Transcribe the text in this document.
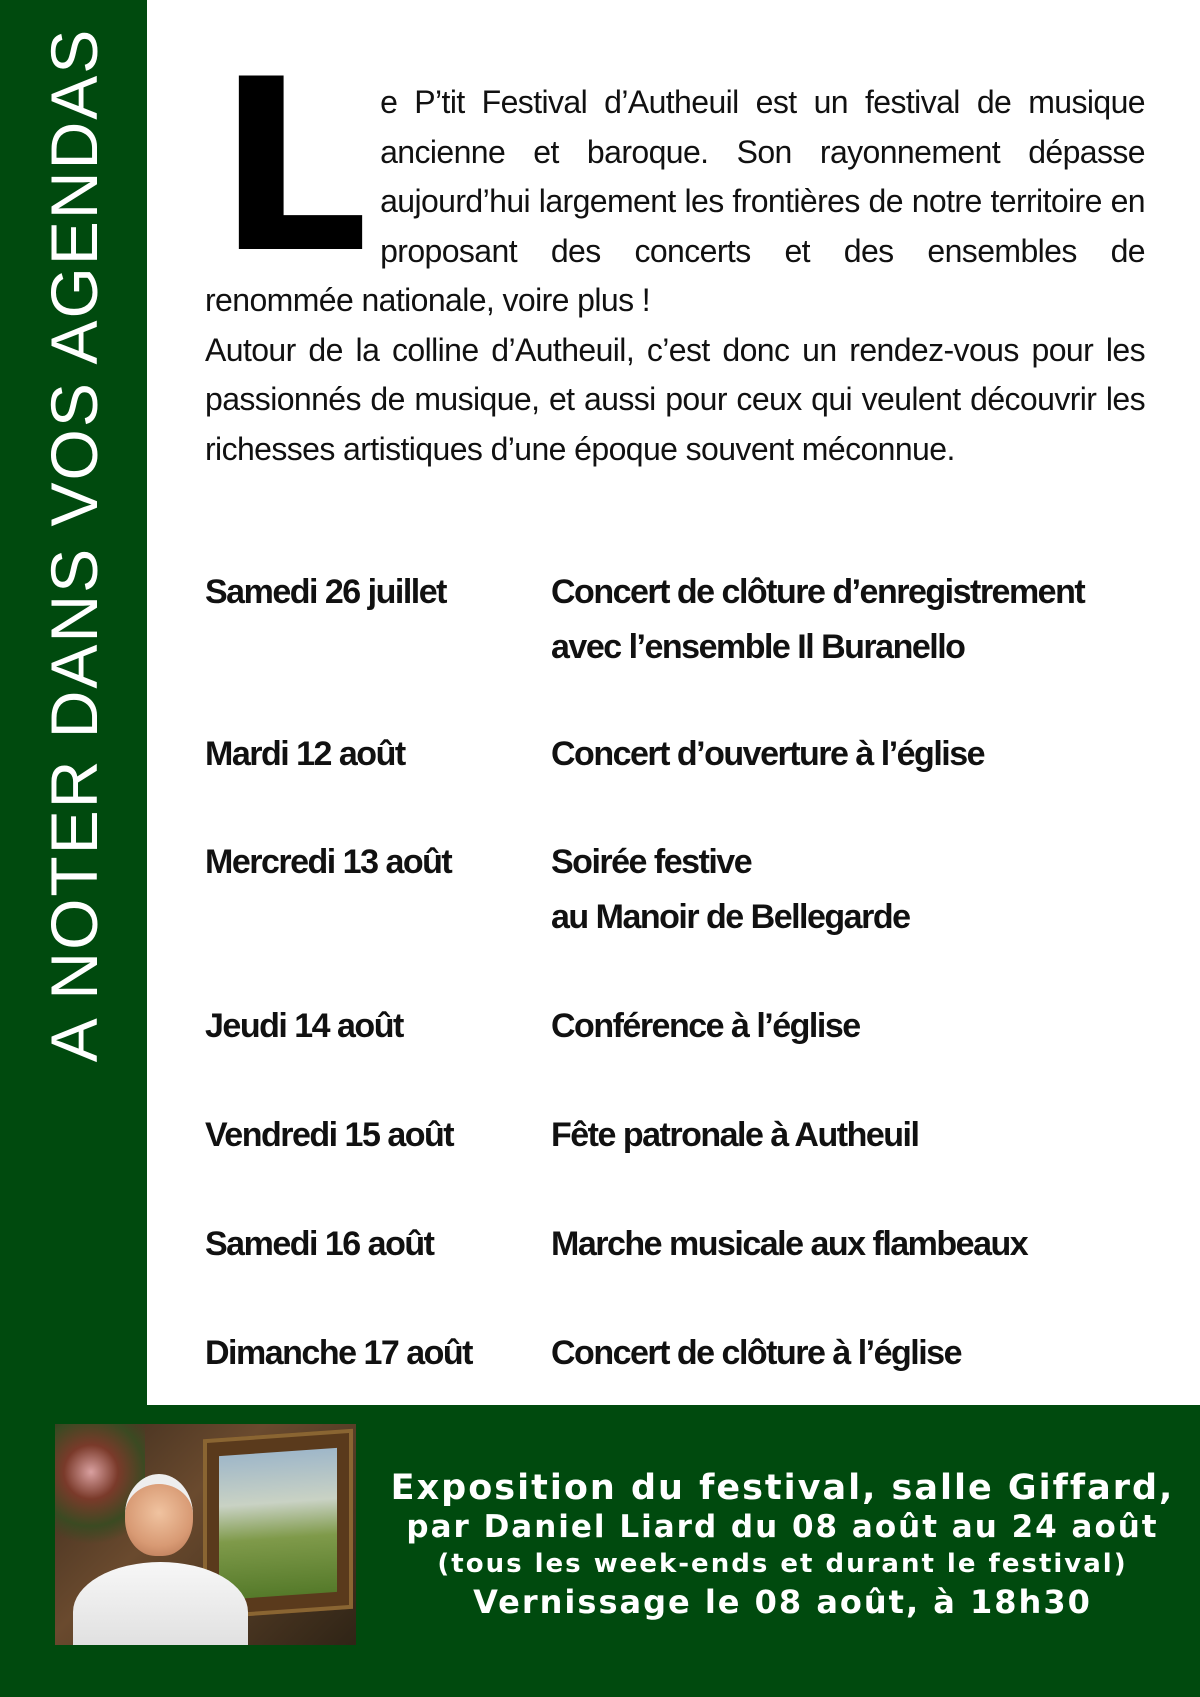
A NOTER DANS VOS AGENDAS L e P’tit Festival d’Autheuil est un festival de musique ancienne et baroque. Son rayonnement dépasse aujourd’hui largement les frontières de notre territoire en proposant des concerts et des ensembles de renommée nationale, voire plus !

Autour de la colline d’Autheuil, c’est donc un rendez-vous pour les passionnés de musique, et aussi pour ceux qui veulent découvrir les richesses artistiques d’une époque souvent méconnue.

Samedi 26 juillet	Concert de clôture d’enregistrement
avec l’ensemble Il Buranello
Mardi 12 août	Concert d’ouverture à l’église
Mercredi 13 août	Soirée festive
au Manoir de Bellegarde
Jeudi 14 août	Conférence à l’église
Vendredi 15 août	Fête patronale à Autheuil
Samedi 16 août	Marche musicale aux flambeaux
Dimanche 17 août	Concert de clôture à l’église
Exposition du festival, salle Giffard,
par Daniel Liard du 08 août au 24 août
(tous les week-ends et durant le festival)
Vernissage le 08 août, à 18h30
